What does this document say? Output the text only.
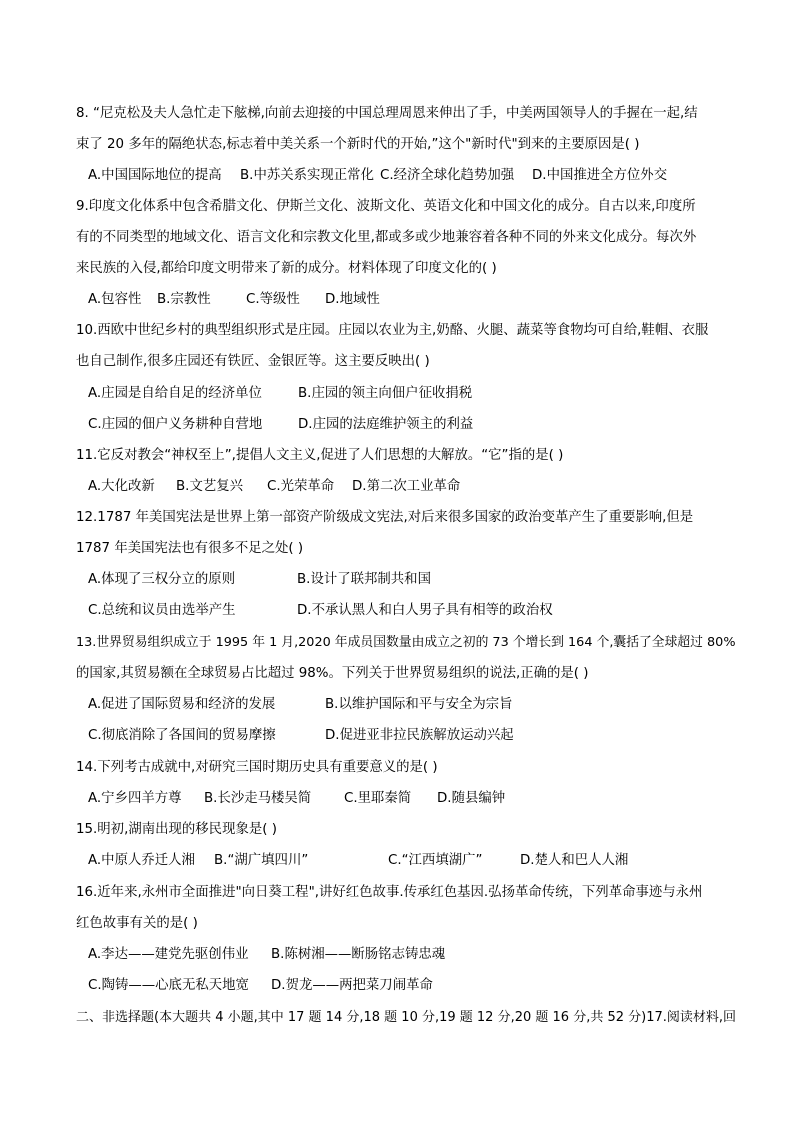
8. “尼克松及夫人急忙走下舷梯,向前去迎接的中国总理周恩来伸出了手，中美两国领导人的手握在一起,结
束了 20 多年的隔绝状态,标志着中美关系一个新时代的开始,”这个"新时代"到来的主要原因是( )
A.中国国际地位的提高 B.中苏关系实现正常化 C.经济全球化趋势加强 D.中国推进全方位外交
9.印度文化体系中包含希腊文化、伊斯兰文化、波斯文化、英语文化和中国文化的成分。自古以来,印度所
有的不同类型的地域文化、语言文化和宗教文化里,都或多或少地兼容着各种不同的外来文化成分。每次外
来民族的入侵,都给印度文明带来了新的成分。材料体现了印度文化的( )
A.包容性 B.宗教性	C.等级性 D.地域性
10.西欧中世纪乡村的典型组织形式是庄园。庄园以农业为主,奶酪、火腿、蔬菜等食物均可自给,鞋帽、衣服
也自己制作,很多庄园还有铁匠、金银匠等。这主要反映出( )
A.庄园是自给自足的经济单位	B.庄园的领主向佃户征收捐税
C.庄园的佃户义务耕种自营地	D.庄园的法庭维护领主的利益
11.它反对教会“神权至上”,提倡人文主义,促进了人们思想的大解放。“它”指的是( )
A.大化改新 B.文艺复兴 C.光荣革命 D.第二次工业革命
12.1787 年美国宪法是世界上第一部资产阶级成文宪法,对后来很多国家的政治变革产生了重要影响,但是
1787 年美国宪法也有很多不足之处( )
A.体现了三权分立的原则	B.设计了联邦制共和国
C.总统和议员由选举产生	D.不承认黑人和白人男子具有相等的政治权
13.世界贸易组织成立于 1995 年 1 月,2020 年成员国数量由成立之初的 73 个增长到 164 个,囊括了全球超过 80%
的国家,其贸易额在全球贸易占比超过 98%。下列关于世界贸易组织的说法,正确的是( )
A.促进了国际贸易和经济的发展	B.以维护国际和平与安全为宗旨
C.彻底消除了各国间的贸易摩擦	D.促进亚非拉民族解放运动兴起
14.下列考古成就中,对研究三国时期历史具有重要意义的是( )
A.宁乡四羊方尊 B.长沙走马楼吴简 C.里耶秦简 D.随县编钟
15.明初,湖南出现的移民现象是( )
A.中原人乔迁人湘 B.“湖广填四川”	C.“江西填湖广”	D.楚人和巴人人湘
16.近年来,永州市全面推进"向日葵工程",讲好红色故事.传承红色基因.弘扬革命传统，下列革命事迹与永州
红色故事有关的是( )
A.李达——建党先驱创伟业 B.陈树湘——断肠铭志铸忠魂
C.陶铸——心底无私天地宽 D.贺龙——两把菜刀闹革命
二、非选择题(本大题共 4 小题,其中 17 题 14 分,18 题 10 分,19 题 12 分,20 题 16 分,共 52 分)17.阅读材料,回
